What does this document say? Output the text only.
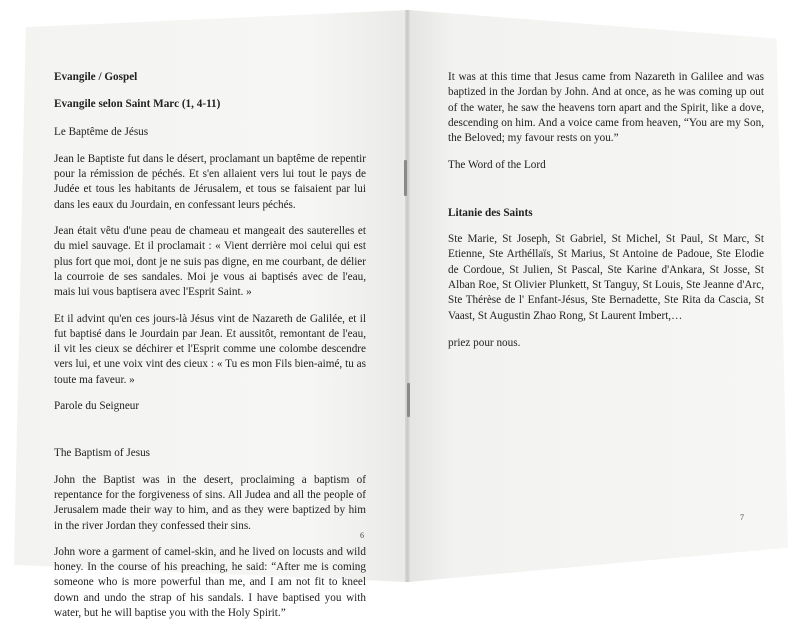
Evangile / Gospel

Evangile selon Saint Marc (1, 4-11)

Le Baptême de Jésus

Jean le Baptiste fut dans le désert, proclamant un baptême de repentir pour la rémission de péchés. Et s'en allaient vers lui tout le pays de Judée et tous les habitants de Jérusalem, et tous se faisaient par lui dans les eaux du Jourdain, en confessant leurs péchés.

Jean était vêtu d'une peau de chameau et mangeait des sauterelles et du miel sauvage. Et il proclamait : « Vient derrière moi celui qui est plus fort que moi, dont je ne suis pas digne, en me courbant, de délier la courroie de ses sandales. Moi je vous ai baptisés avec de l'eau, mais lui vous baptisera avec l'Esprit Saint. »

Et il advint qu'en ces jours-là Jésus vint de Nazareth de Galilée, et il fut baptisé dans le Jourdain par Jean. Et aussitôt, remontant de l'eau, il vit les cieux se déchirer et l'Esprit comme une colombe descendre vers lui, et une voix vint des cieux : « Tu es mon Fils bien-aimé, tu as toute ma faveur. »

Parole du Seigneur

The Baptism of Jesus

John the Baptist was in the desert, proclaiming a baptism of repentance for the forgiveness of sins. All Judea and all the people of Jerusalem made their way to him, and as they were baptized by him in the river Jordan they confessed their sins.

John wore a garment of camel-skin, and he lived on locusts and wild honey. In the course of his preaching, he said: “After me is coming someone who is more powerful than me, and I am not fit to kneel down and undo the strap of his sandals. I have baptised you with water, but he will baptise you with the Holy Spirit.”

6

It was at this time that Jesus came from Nazareth in Galilee and was baptized in the Jordan by John. And at once, as he was coming up out of the water, he saw the heavens torn apart and the Spirit, like a dove, descending on him. And a voice came from heaven, “You are my Son, the Beloved; my favour rests on you.”

The Word of the Lord

Litanie des Saints

Ste Marie, St Joseph, St Gabriel, St Michel, St Paul, St Marc, St Etienne, Ste Arthéllaïs, St Marius, St Antoine de Padoue, Ste Elodie de Cordoue, St Julien, St Pascal, Ste Karine d'Ankara, St Josse, St Alban Roe, St Olivier Plunkett, St Tanguy, St Louis, Ste Jeanne d'Arc, Ste Thérèse de l' Enfant-Jésus, Ste Bernadette, Ste Rita da Cascia, St Vaast, St Augustin Zhao Rong, St Laurent Imbert,…

priez pour nous.

7
